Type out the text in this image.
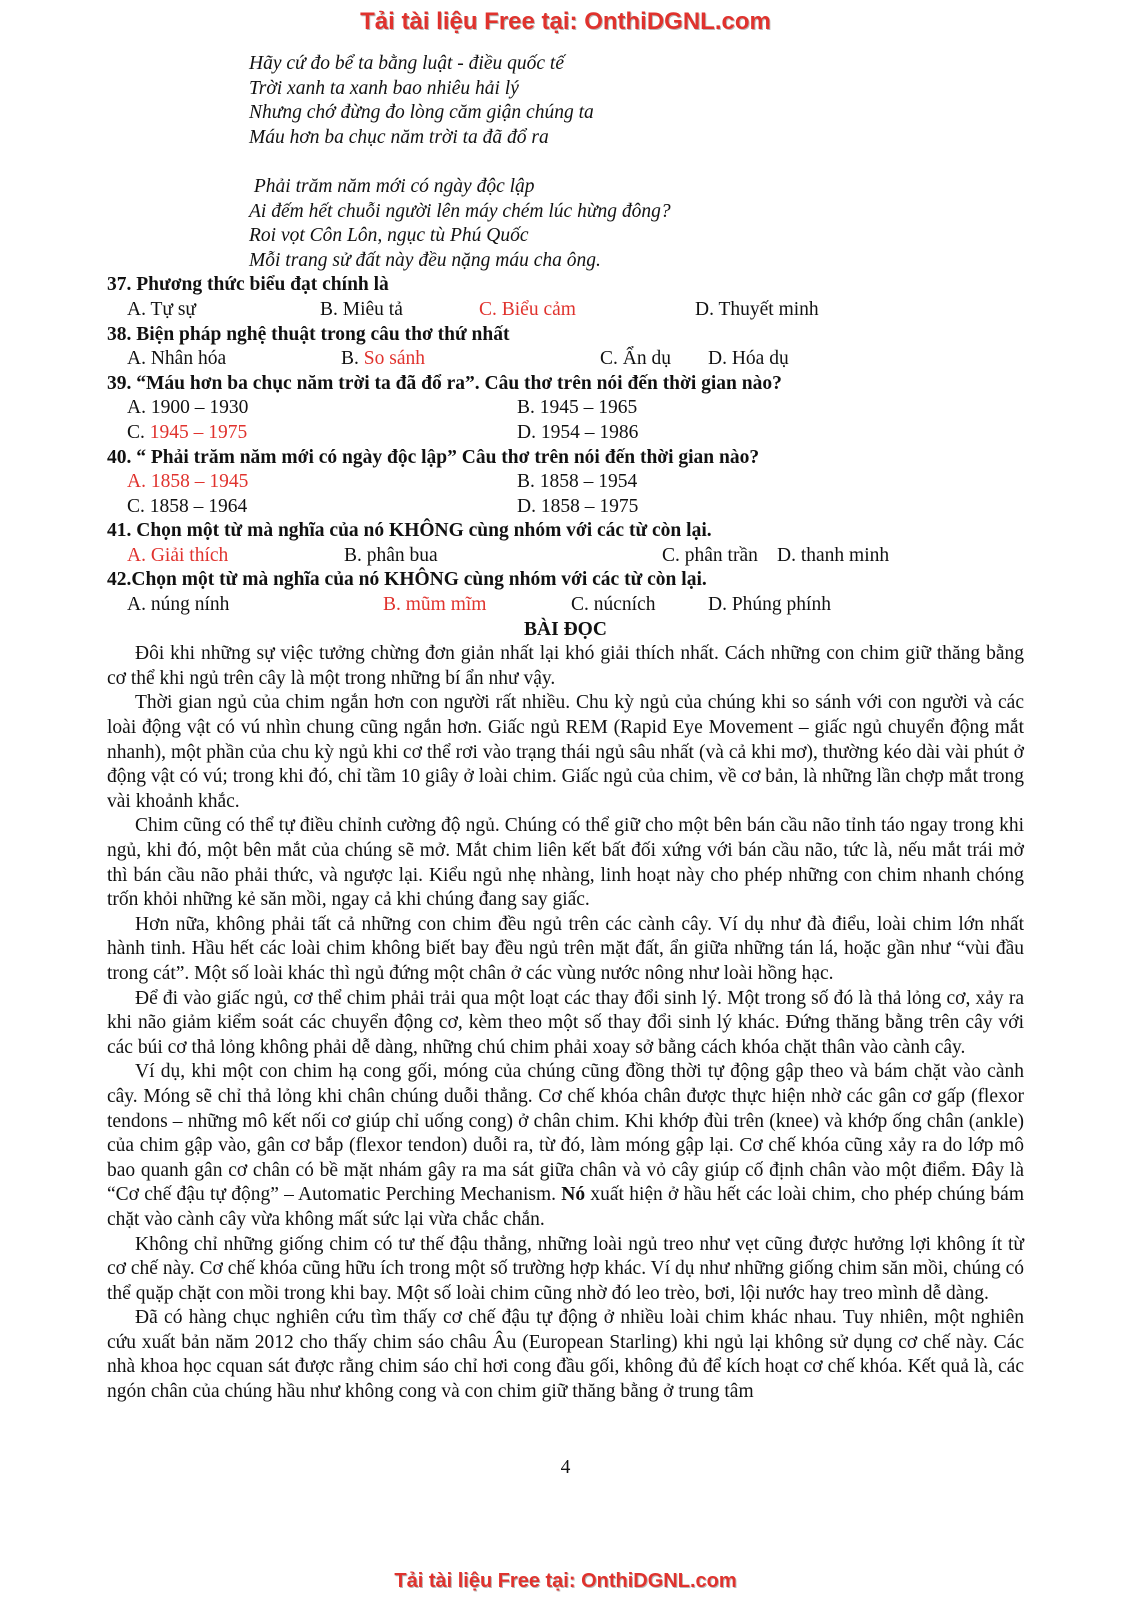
Tải tài liệu Free tại: OnthiDGNL.com
Hãy cứ đo bể ta bằng luật - điều quốc tế
Trời xanh ta xanh bao nhiêu hải lý
Nhưng chớ đừng đo lòng căm giận chúng ta
Máu hơn ba chục năm trời ta đã đổ ra
Phải trăm năm mới có ngày độc lập
Ai đếm hết chuỗi người lên máy chém lúc hừng đông?
Roi vọt Côn Lôn, ngục tù Phú Quốc
Mỗi trang sử đất này đều nặng máu cha ông.
37. Phương thức biểu đạt chính là
A. Tự sự	B. Miêu tả	C. Biểu cảm	D. Thuyết minh
38. Biện pháp nghệ thuật trong câu thơ thứ nhất
A. Nhân hóa	B. So sánh	C. Ẩn dụ D. Hóa dụ
39. “Máu hơn ba chục năm trời ta đã đổ ra”. Câu thơ trên nói đến thời gian nào?
A. 1900 – 1930	B. 1945 – 1965
C. 1945 – 1975	D. 1954 – 1986
40. “ Phải trăm năm mới có ngày độc lập” Câu thơ trên nói đến thời gian nào?
A. 1858 – 1945	B. 1858 – 1954
C. 1858 – 1964	D. 1858 – 1975
41. Chọn một từ mà nghĩa của nó KHÔNG cùng nhóm với các từ còn lại.
A. Giải thích	B. phân bua	C. phân trần D. thanh minh
42.Chọn một từ mà nghĩa của nó KHÔNG cùng nhóm với các từ còn lại.
A. núng nính	B. mũm mĩm	C. núcních	D. Phúng phính
BÀI ĐỌC

Đôi khi những sự việc tưởng chừng đơn giản nhất lại khó giải thích nhất. Cách những con chim giữ thăng bằng cơ thể khi ngủ trên cây là một trong những bí ẩn như vậy.

Thời gian ngủ của chim ngắn hơn con người rất nhiều. Chu kỳ ngủ của chúng khi so sánh với con người và các loài động vật có vú nhìn chung cũng ngắn hơn. Giấc ngủ REM (Rapid Eye Movement – giấc ngủ chuyển động mắt nhanh), một phần của chu kỳ ngủ khi cơ thể rơi vào trạng thái ngủ sâu nhất (và cả khi mơ), thường kéo dài vài phút ở động vật có vú; trong khi đó, chỉ tầm 10 giây ở loài chim. Giấc ngủ của chim, về cơ bản, là những lần chợp mắt trong vài khoảnh khắc.

Chim cũng có thể tự điều chỉnh cường độ ngủ. Chúng có thể giữ cho một bên bán cầu não tỉnh táo ngay trong khi ngủ, khi đó, một bên mắt của chúng sẽ mở. Mắt chim liên kết bất đối xứng với bán cầu não, tức là, nếu mắt trái mở thì bán cầu não phải thức, và ngược lại. Kiểu ngủ nhẹ nhàng, linh hoạt này cho phép những con chim nhanh chóng trốn khỏi những kẻ săn mồi, ngay cả khi chúng đang say giấc.

Hơn nữa, không phải tất cả những con chim đều ngủ trên các cành cây. Ví dụ như đà điểu, loài chim lớn nhất hành tinh. Hầu hết các loài chim không biết bay đều ngủ trên mặt đất, ẩn giữa những tán lá, hoặc gần như “vùi đầu trong cát”. Một số loài khác thì ngủ đứng một chân ở các vùng nước nông như loài hồng hạc.

Để đi vào giấc ngủ, cơ thể chim phải trải qua một loạt các thay đổi sinh lý. Một trong số đó là thả lỏng cơ, xảy ra khi não giảm kiểm soát các chuyển động cơ, kèm theo một số thay đổi sinh lý khác. Đứng thăng bằng trên cây với các búi cơ thả lỏng không phải dễ dàng, những chú chim phải xoay sở bằng cách khóa chặt thân vào cành cây.

Ví dụ, khi một con chim hạ cong gối, móng của chúng cũng đồng thời tự động gập theo và bám chặt vào cành cây. Móng sẽ chỉ thả lỏng khi chân chúng duỗi thẳng. Cơ chế khóa chân được thực hiện nhờ các gân cơ gấp (flexor tendons – những mô kết nối cơ giúp chỉ uống cong) ở chân chim. Khi khớp đùi trên (knee) và khớp ống chân (ankle) của chim gập vào, gân cơ bắp (flexor tendon) duỗi ra, từ đó, làm móng gập lại. Cơ chế khóa cũng xảy ra do lớp mô bao quanh gân cơ chân có bề mặt nhám gây ra ma sát giữa chân và vỏ cây giúp cố định chân vào một điểm. Đây là “Cơ chế đậu tự động” – Automatic Perching Mechanism. Nó xuất hiện ở hầu hết các loài chim, cho phép chúng bám chặt vào cành cây vừa không mất sức lại vừa chắc chắn.

Không chỉ những giống chim có tư thế đậu thẳng, những loài ngủ treo như vẹt cũng được hưởng lợi không ít từ cơ chế này. Cơ chế khóa cũng hữu ích trong một số trường hợp khác. Ví dụ như những giống chim săn mồi, chúng có thể quặp chặt con mồi trong khi bay. Một số loài chim cũng nhờ đó leo trèo, bơi, lội nước hay treo mình dễ dàng.

Đã có hàng chục nghiên cứu tìm thấy cơ chế đậu tự động ở nhiều loài chim khác nhau. Tuy nhiên, một nghiên cứu xuất bản năm 2012 cho thấy chim sáo châu Âu (European Starling) khi ngủ lại không sử dụng cơ chế này. Các nhà khoa học cquan sát được rằng chim sáo chỉ hơi cong đầu gối, không đủ để kích hoạt cơ chế khóa. Kết quả là, các ngón chân của chúng hầu như không cong và con chim giữ thăng bằng ở trung tâm

4
Tải tài liệu Free tại: OnthiDGNL.com
